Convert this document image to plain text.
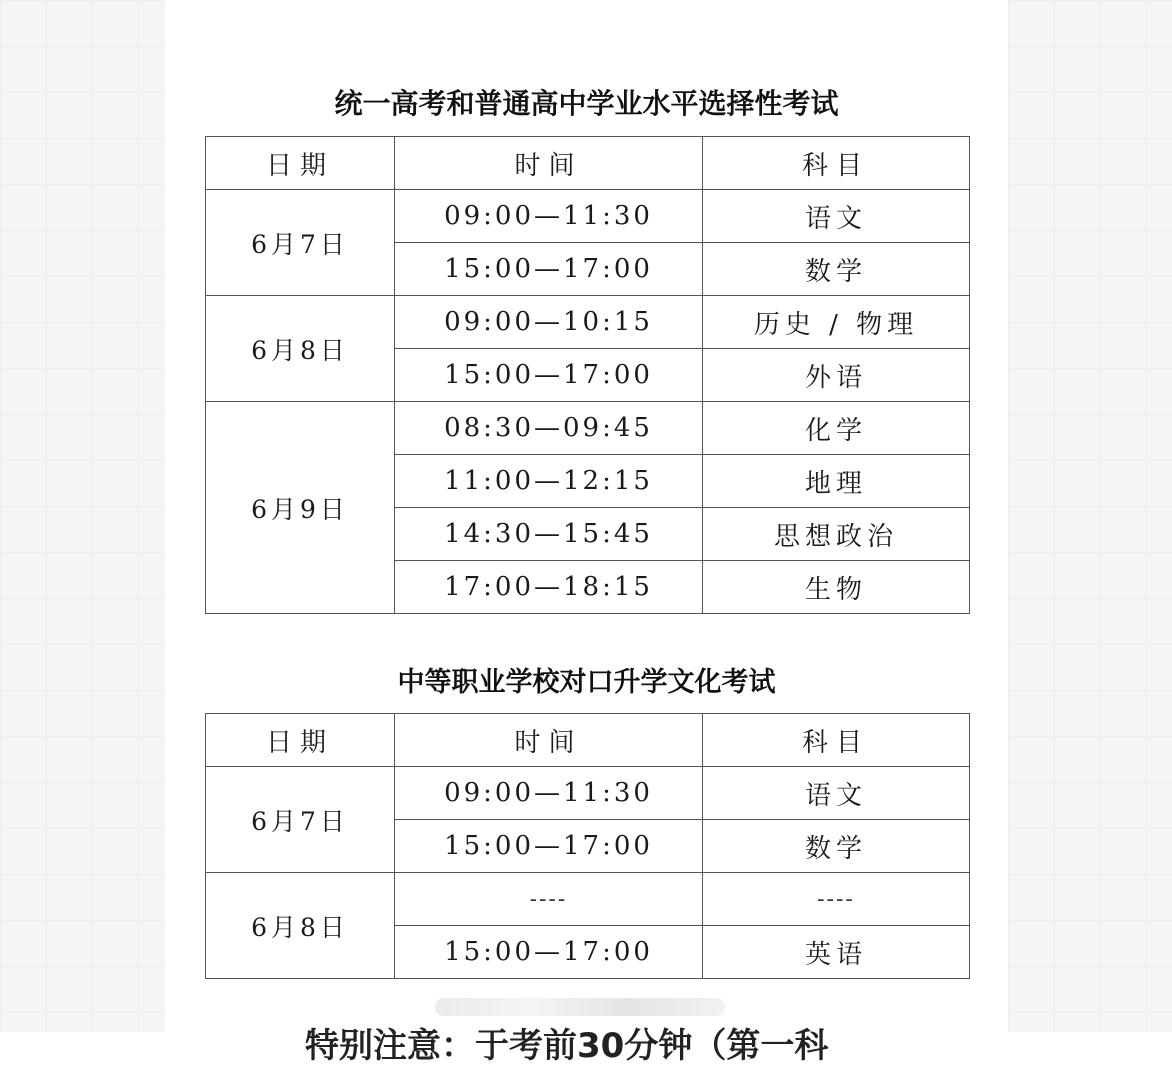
统一高考和普通高中学业水平选择性考试
日期	时间	科目
6月7日	09:00—11:30	语文
	15:00—17:00	数学
6月8日	09:00—10:15	历史 / 物理
	15:00—17:00	外语
6月9日	08:30—09:45	化学
	11:00—12:15	地理
	14:30—15:45	思想政治
	17:00—18:15	生物
中等职业学校对口升学文化考试
日期	时间	科目
6月7日	09:00—11:30	语文
	15:00—17:00	数学
6月8日	----	----
	15:00—17:00	英语
特别注意：于考前30分钟（第一科
